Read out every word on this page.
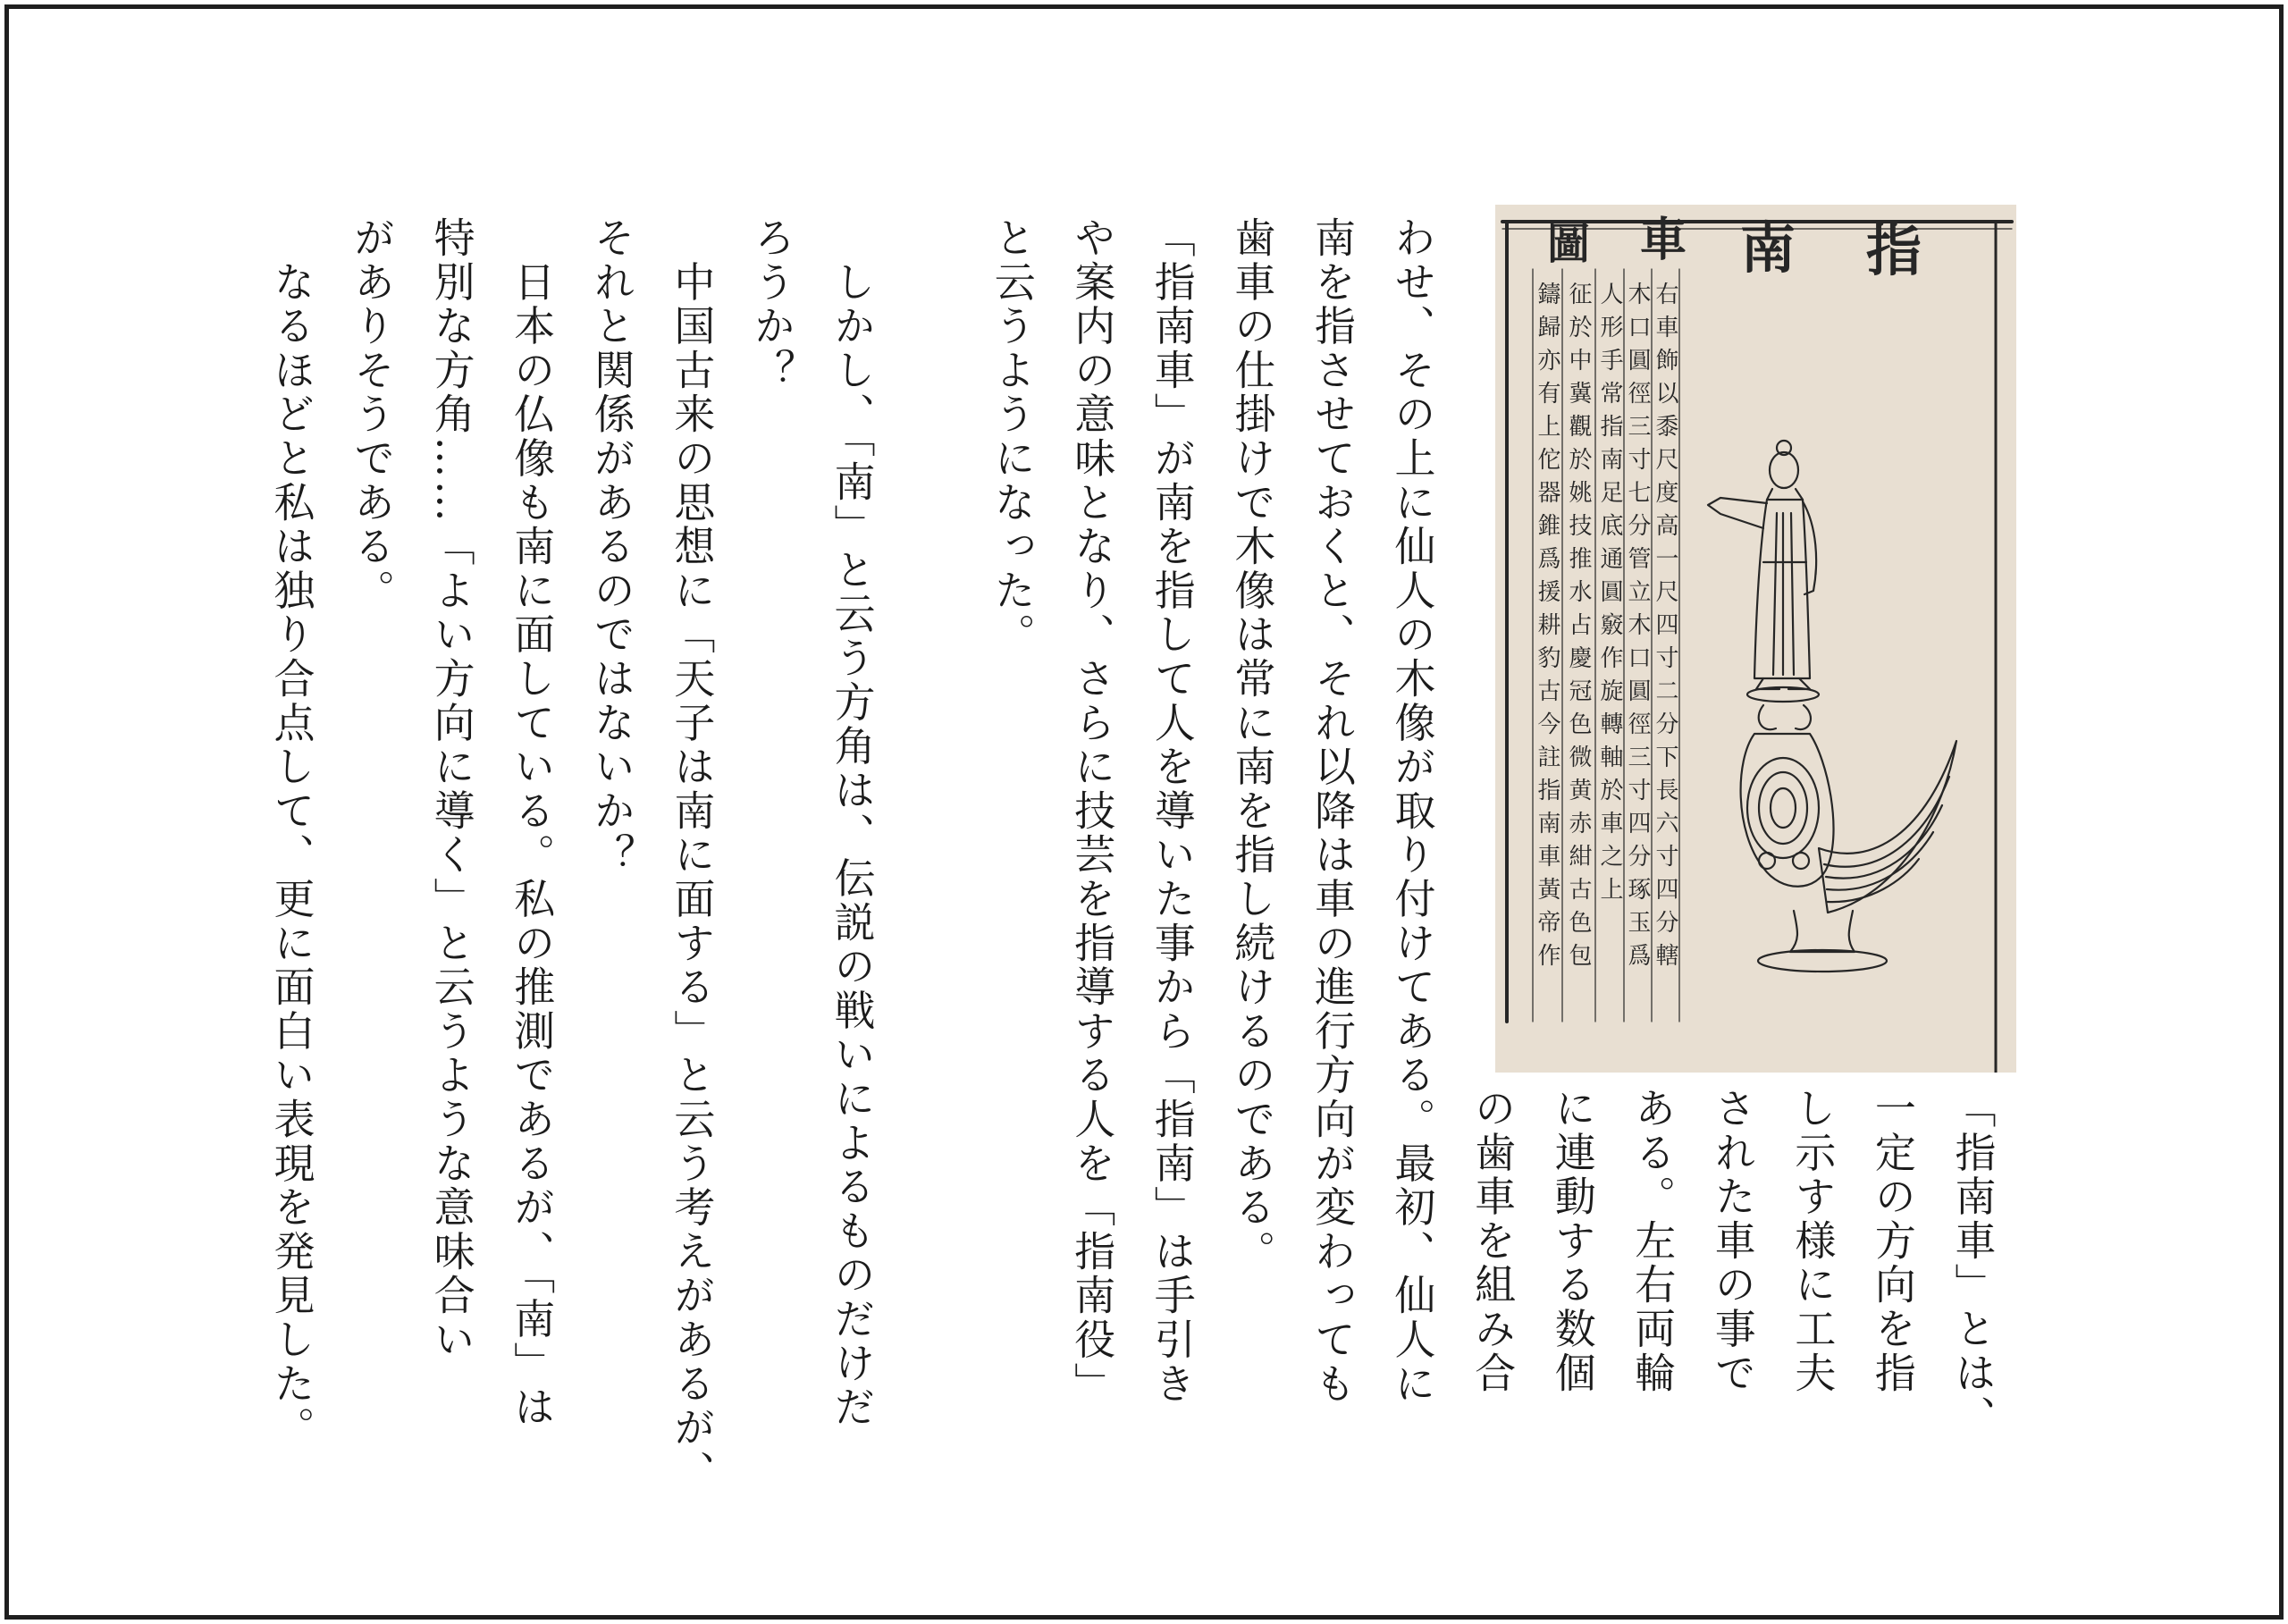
指
南
車
圖
右車飾以黍尺度高一尺四寸二分下長六寸四分轄
木口圓徑三寸七分管立木口圓徑三寸四分琢玉爲
人形手常指南足底通圓竅作旋轉軸於車之上
征於中冀觀於姚技推水占慶冠色微黄赤紺古色包
鑄歸亦有上佗器錐爲援耕豹古今註指南車黃帝作
「指南車」とは、
一定の方向を指
し示す様に工夫
された車の事で
ある。左右両輪
に連動する数個
の歯車を組み合
わせ、その上に仙人の木像が取り付けてある。最初、仙人に
南を指させておくと、それ以降は車の進行方向が変わっても
歯車の仕掛けで木像は常に南を指し続けるのである。
「指南車」が南を指して人を導いた事から「指南」は手引き
や案内の意味となり、さらに技芸を指導する人を「指南役」
と云うようになった。
　しかし、「南」と云う方角は、伝説の戦いによるものだけだ
ろうか？
　中国古来の思想に「天子は南に面する」と云う考えがあるが、
それと関係があるのではないか？
　日本の仏像も南に面している。私の推測であるが、「南」は
特別な方角……「よい方向に導く」と云うような意味合い
がありそうである。
　なるほどと私は独り合点して、更に面白い表現を発見した。
